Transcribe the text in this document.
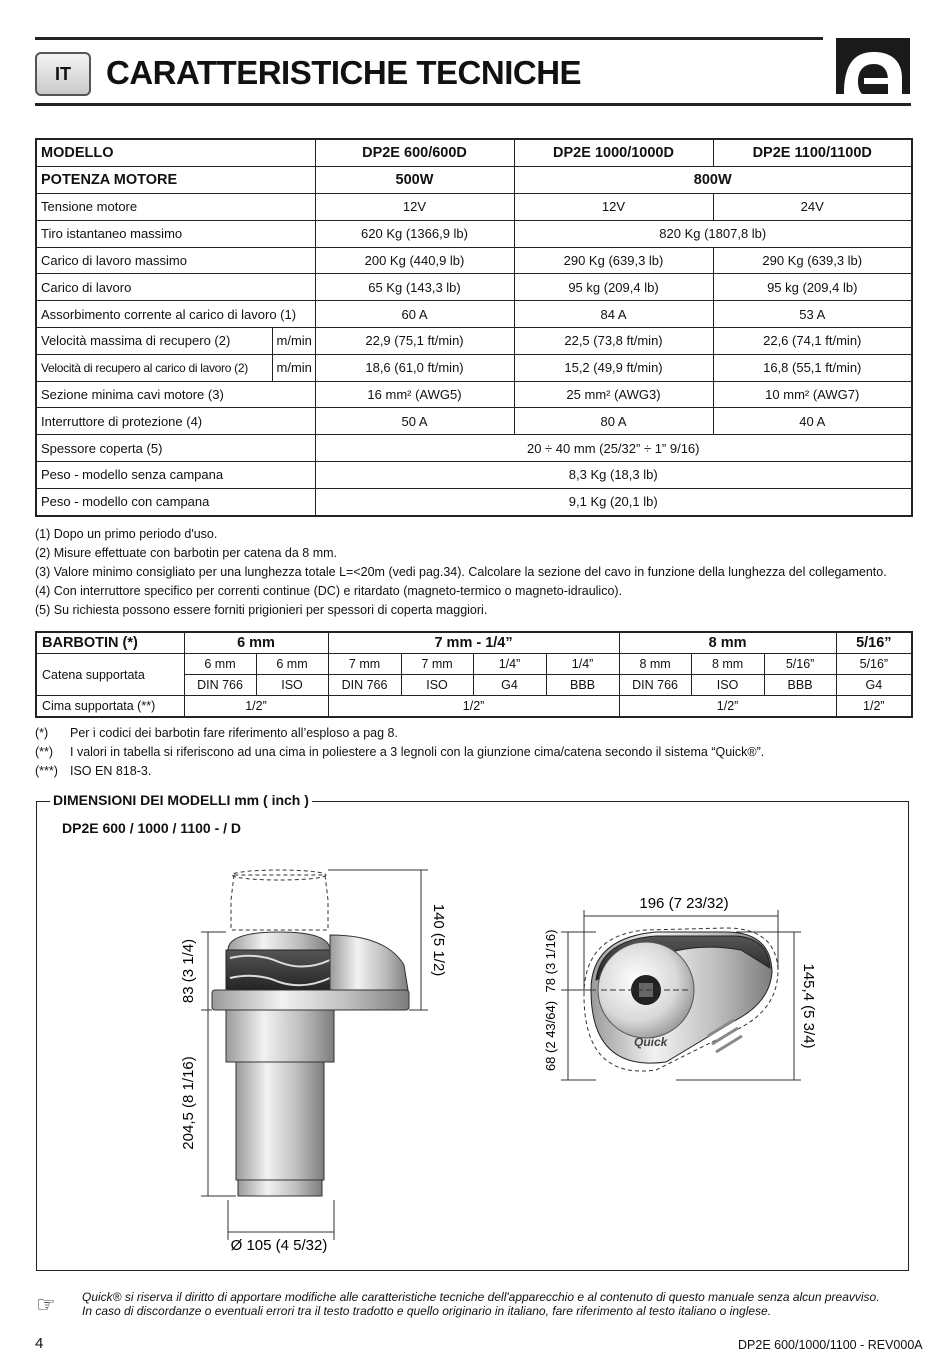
IT	CARATTERISTICHE TECNICHE
MODELLO		DP2E 600/600D	DP2E 1000/1000D	DP2E 1100/1100D
POTENZA MOTORE		500W	800W	
Tensione motore		12V	12V	24V
Tiro istantaneo massimo		620 Kg (1366,9 lb)	820 Kg (1807,8 lb)	
Carico di lavoro massimo		200 Kg (440,9 lb)	290 Kg (639,3 lb)	290 Kg (639,3 lb)
Carico di lavoro		65 Kg (143,3 lb)	95 kg (209,4 lb)	95 kg (209,4 lb)
Assorbimento corrente al carico di lavoro (1)		60 A	84 A	53 A
Velocità massima di recupero (2)	m/min	22,9 (75,1 ft/min)	22,5 (73,8 ft/min)	22,6 (74,1 ft/min)
Velocità di recupero al carico di lavoro (2)	m/min	18,6 (61,0 ft/min)	15,2 (49,9 ft/min)	16,8 (55,1 ft/min)
Sezione minima cavi motore (3)		16 mm² (AWG5)	25 mm² (AWG3)	10 mm² (AWG7)
Interruttore di protezione (4)		50 A	80 A	40 A
Spessore coperta (5)		20 ÷ 40 mm (25/32” ÷ 1” 9/16)		
Peso - modello senza campana		8,3 Kg (18,3 lb)		
Peso - modello con campana		9,1 Kg (20,1 lb)		
(1) Dopo un primo periodo d'uso.
(2) Misure effettuate con barbotin per catena da 8 mm.
(3) Valore minimo consigliato per una lunghezza totale L=<20m (vedi pag.34). Calcolare la sezione del cavo in funzione della lunghezza del collegamento.
(4) Con interruttore specifico per correnti continue (DC) e ritardato (magneto-termico o magneto-idraulico).
(5) Su richiesta possono essere forniti prigionieri per spessori di coperta maggiori.
BARBOTIN (*)	6 mm		7 mm - 1/4”				8 mm			5/16”
Catena supportata	6 mm	6 mm	7 mm	7 mm	1/4”	1/4”	8 mm	8 mm	5/16”	5/16”
	DIN 766	ISO	DIN 766	ISO	G4	BBB	DIN 766	ISO	BBB	G4
Cima supportata (**)	1/2”		1/2”				1/2”			1/2”
(*)	Per i codici dei barbotin fare riferimento all’esploso a pag 8.
(**)	I valori in tabella si riferiscono ad una cima in poliestere a 3 legnoli con la giunzione cima/catena secondo il sistema “Quick®”.
(***) ISO EN 818-3.
DIMENSIONI DEI MODELLI mm ( inch )
DP2E 600 / 1000 / 1100 - / D
83 (3 1/4)
204,5 (8 1/16)
140 (5 1/2)
Ø 105 (4 5/32)
Quick
196 (7 23/32)
78 (3 1/16)
68 (2 43/64)	145,4 (5 3/4)
☞ Quick® si riserva il diritto di apportare modifiche alle caratteristiche tecniche dell'apparecchio e al contenuto di questo manuale senza alcun preavviso.
In caso di discordanze o eventuali errori tra il testo tradotto e quello originario in italiano, fare riferimento al testo italiano o inglese.
4	DP2E 600/1000/1100 - REV000A
